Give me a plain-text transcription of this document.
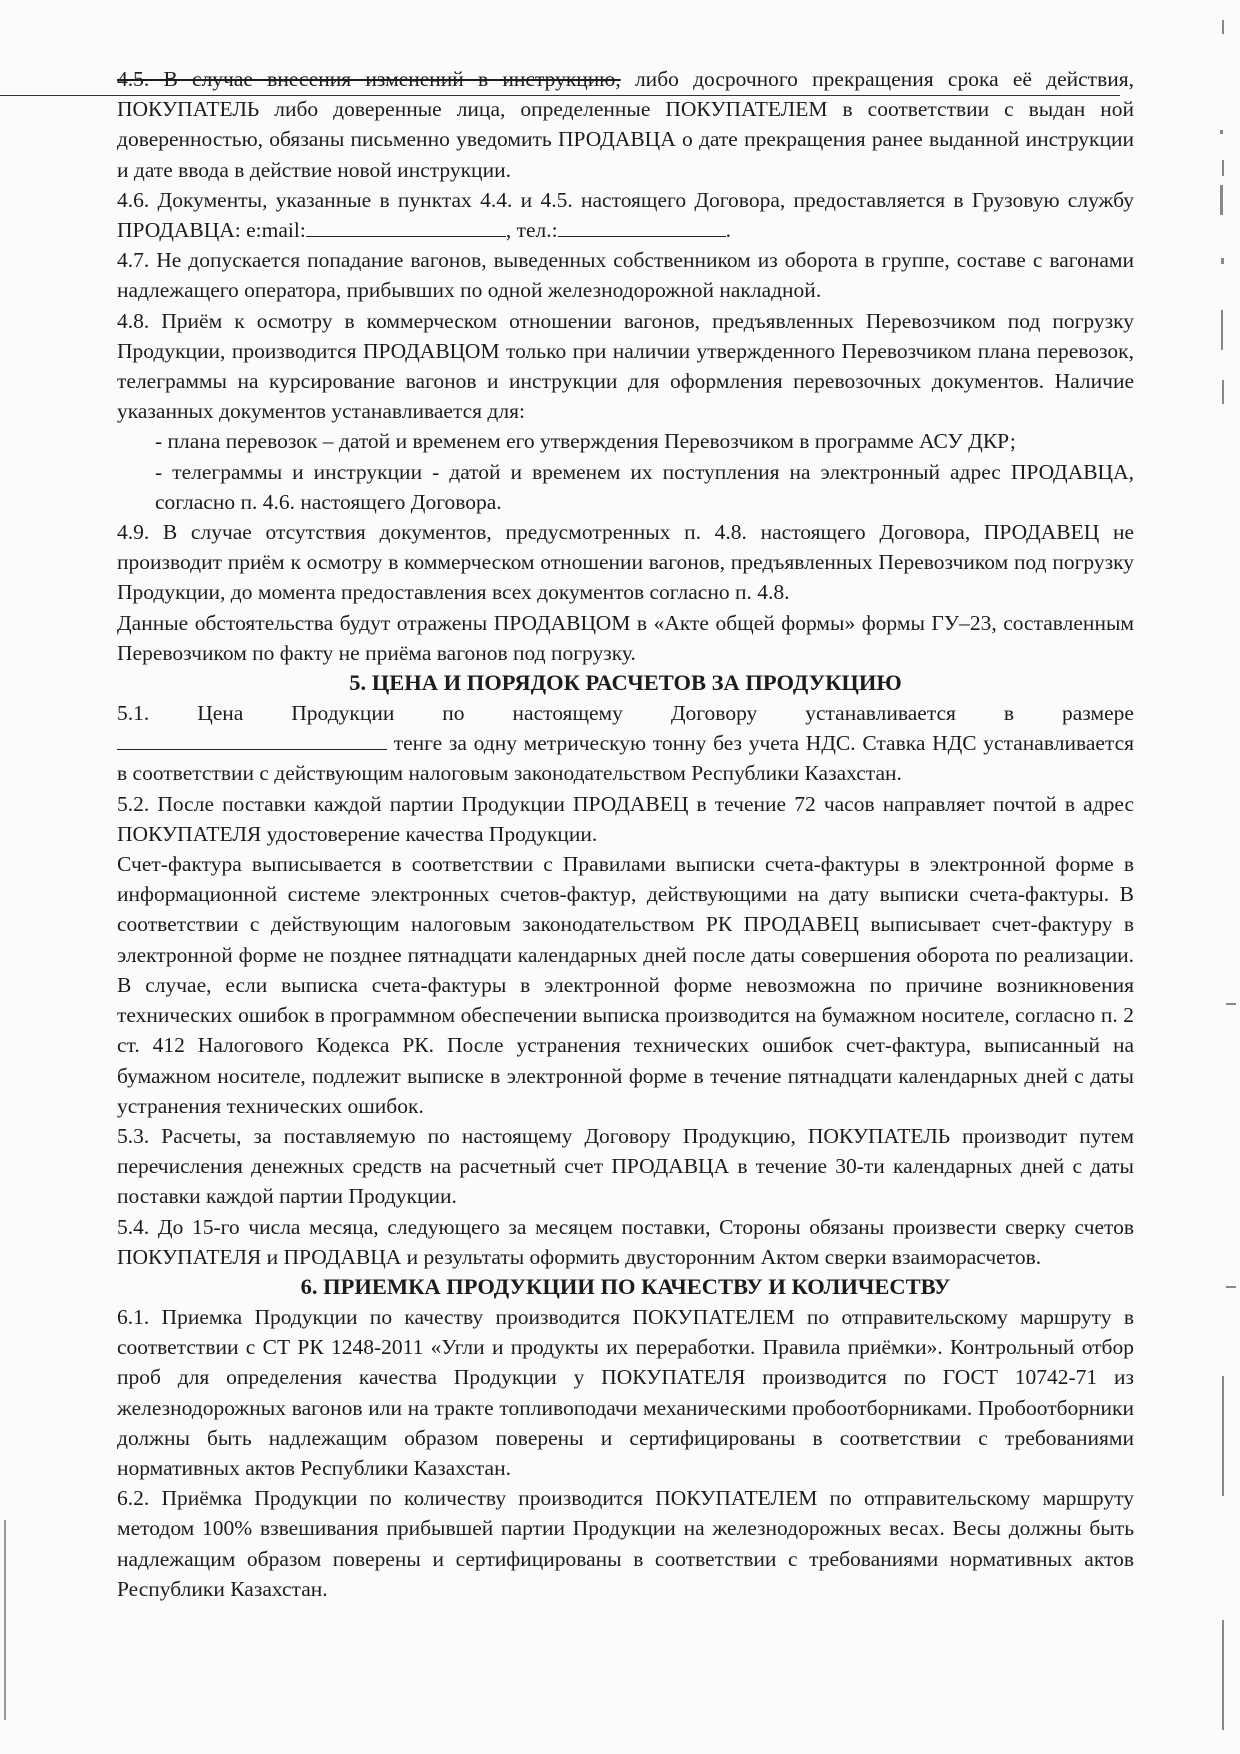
4.5. В случае внесения изменений в инструкцию, либо досрочного прекращения срока её действия, ПОКУПАТЕЛЬ либо доверенные лица, определенные ПОКУПАТЕЛЕМ в соответствии с выдан ной доверенностью, обязаны письменно уведомить ПРОДАВЦА о дате прекращения ранее выданной инструкции и дате ввода в действие новой инструкции.

4.6. Документы, указанные в пунктах 4.4. и 4.5. настоящего Договора, предоставляется в Грузовую службу ПРОДАВЦА: e:mail:	, тел.:	.

4.7. Не допускается попадание вагонов, выведенных собственником из оборота в группе, составе с вагонами надлежащего оператора, прибывших по одной железнодорожной накладной.

4.8. Приём к осмотру в коммерческом отношении вагонов, предъявленных Перевозчиком под погрузку Продукции, производится ПРОДАВЦОМ только при наличии утвержденного Перевозчиком плана перевозок, телеграммы на курсирование вагонов и инструкции для оформления перевозочных документов. Наличие указанных документов устанавливается для:

- плана перевозок – датой и временем его утверждения Перевозчиком в программе АСУ ДКР;

- телеграммы и инструкции - датой и временем их поступления на электронный адрес ПРОДАВЦА, согласно п. 4.6. настоящего Договора.

4.9. В случае отсутствия документов, предусмотренных п. 4.8. настоящего Договора, ПРОДАВЕЦ не производит приём к осмотру в коммерческом отношении вагонов, предъявленных Перевозчиком под погрузку Продукции, до момента предоставления всех документов согласно п. 4.8.

Данные обстоятельства будут отражены ПРОДАВЦОМ в «Акте общей формы» формы ГУ–23, составленным Перевозчиком по факту не приёма вагонов под погрузку.

5. ЦЕНА И ПОРЯДОК РАСЧЕТОВ ЗА ПРОДУКЦИЮ

5.1. Цена Продукции по настоящему Договору устанавливается в размере

тенге за одну метрическую тонну без учета НДС. Ставка НДС устанавливается в соответствии с действующим налоговым законодательством Республики Казахстан.

5.2. После поставки каждой партии Продукции ПРОДАВЕЦ в течение 72 часов направляет почтой в адрес ПОКУПАТЕЛЯ удостоверение качества Продукции.

Счет-фактура выписывается в соответствии с Правилами выписки счета-фактуры в электронной форме в информационной системе электронных счетов-фактур, действующими на дату выписки счета-фактуры. В соответствии с действующим налоговым законодательством РК ПРОДАВЕЦ выписывает счет-фактуру в электронной форме не позднее пятнадцати календарных дней после даты совершения оборота по реализации. В случае, если выписка счета-фактуры в электронной форме невозможна по причине возникновения технических ошибок в программном обеспечении выписка производится на бумажном носителе, согласно п. 2 ст. 412 Налогового Кодекса РК. После устранения технических ошибок счет-фактура, выписанный на бумажном носителе, подлежит выписке в электронной форме в течение пятнадцати календарных дней с даты устранения технических ошибок.

5.3. Расчеты, за поставляемую по настоящему Договору Продукцию, ПОКУПАТЕЛЬ производит путем перечисления денежных средств на расчетный счет ПРОДАВЦА в течение 30-ти календарных дней с даты поставки каждой партии Продукции.

5.4. До 15-го числа месяца, следующего за месяцем поставки, Стороны обязаны произвести сверку счетов ПОКУПАТЕЛЯ и ПРОДАВЦА и результаты оформить двусторонним Актом сверки взаиморасчетов.

6. ПРИЕМКА ПРОДУКЦИИ ПО КАЧЕСТВУ И КОЛИЧЕСТВУ

6.1. Приемка Продукции по качеству производится ПОКУПАТЕЛЕМ по отправительскому маршруту в соответствии с СТ РК 1248-2011 «Угли и продукты их переработки. Правила приёмки». Контрольный отбор проб для определения качества Продукции у ПОКУПАТЕЛЯ производится по ГОСТ 10742-71 из железнодорожных вагонов или на тракте топливоподачи механическими пробоотборниками. Пробоотборники должны быть надлежащим образом поверены и сертифицированы в соответствии с требованиями нормативных актов Республики Казахстан.

6.2. Приёмка Продукции по количеству производится ПОКУПАТЕЛЕМ по отправительскому маршруту методом 100% взвешивания прибывшей партии Продукции на железнодорожных весах. Весы должны быть надлежащим образом поверены и сертифицированы в соответствии с требованиями нормативных актов Республики Казахстан.
